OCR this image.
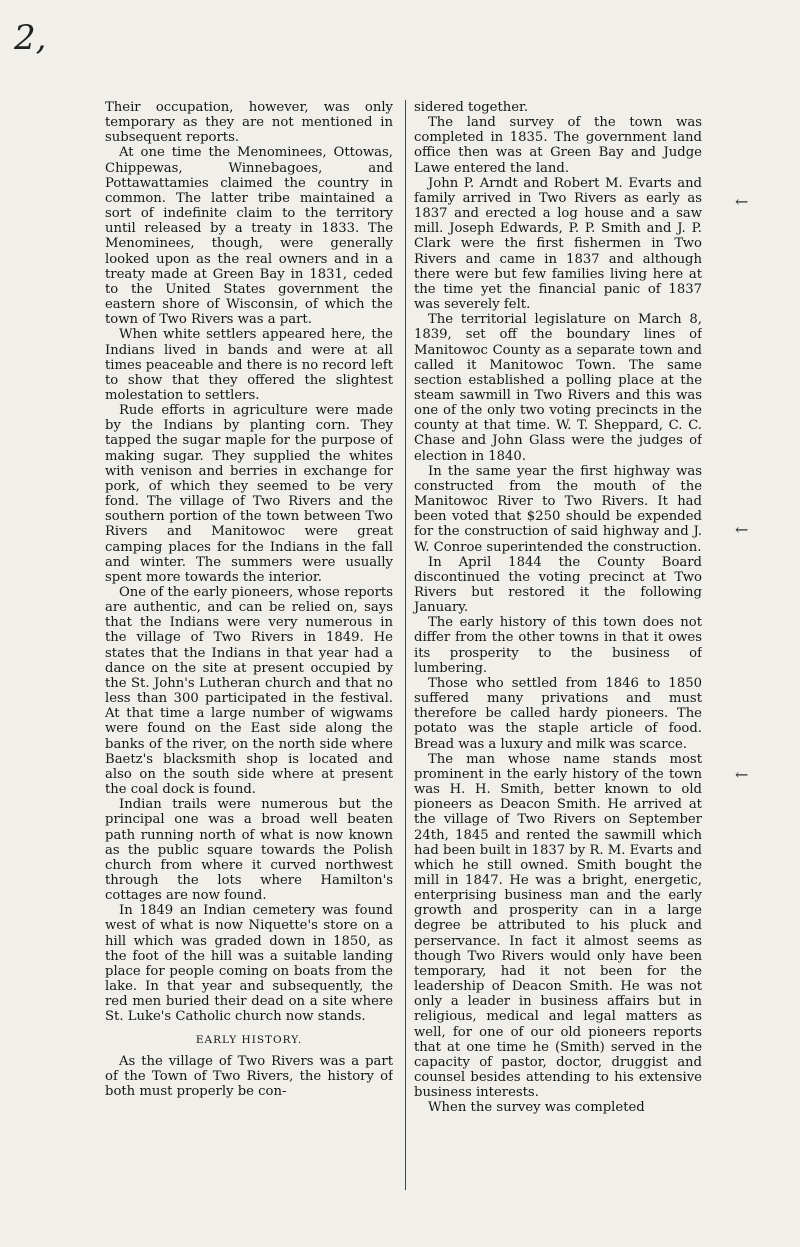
2,
←
←
←

Their occupation, however, was only temporary as they are not mentioned in subsequent reports.

At one time the Menominees, Ottowas, Chippewas, Winnebagoes, and Pottawattamies claimed the country in common. The latter tribe maintained a sort of indefinite claim to the territory until released by a treaty in 1833. The Menominees, though, were generally looked upon as the real owners and in a treaty made at Green Bay in 1831, ceded to the United States government the eastern shore of Wisconsin, of which the town of Two Rivers was a part.

When white settlers appeared here, the Indians lived in bands and were at all times peaceable and there is no record left to show that they offered the slightest molestation to settlers.

Rude efforts in agriculture were made by the Indians by planting corn. They tapped the sugar maple for the purpose of making sugar. They supplied the whites with venison and berries in exchange for pork, of which they seemed to be very fond. The village of Two Rivers and the southern portion of the town between Two Rivers and Manitowoc were great camping places for the Indians in the fall and winter. The summers were usually spent more towards the interior.

One of the early pioneers, whose reports are authentic, and can be relied on, says that the Indians were very numerous in the village of Two Rivers in 1849. He states that the Indians in that year had a dance on the site at present occupied by the St. John's Lutheran church and that no less than 300 participated in the festival. At that time a large number of wigwams were found on the East side along the banks of the river, on the north side where Baetz's blacksmith shop is located and also on the south side where at present the coal dock is found.

Indian trails were numerous but the principal one was a broad well beaten path running north of what is now known as the public square towards the Polish church from where it curved northwest through the lots where Hamilton's cottages are now found.

In 1849 an Indian cemetery was found west of what is now Niquette's store on a hill which was graded down in 1850, as the foot of the hill was a suitable landing place for people coming on boats from the lake. In that year and subsequently, the red men buried their dead on a site where St. Luke's Catholic church now stands.

EARLY HISTORY.

As the village of Two Rivers was a part of the Town of Two Rivers, the history of both must properly be con-

sidered together.

The land survey of the town was completed in 1835. The government land office then was at Green Bay and Judge Lawe entered the land.

John P. Arndt and Robert M. Evarts and family arrived in Two Rivers as early as 1837 and erected a log house and a saw mill. Joseph Edwards, P. P. Smith and J. P. Clark were the first fishermen in Two Rivers and came in 1837 and although there were but few families living here at the time yet the financial panic of 1837 was severely felt.

The territorial legislature on March 8, 1839, set off the boundary lines of Manitowoc County as a separate town and called it Manitowoc Town. The same section established a polling place at the steam sawmill in Two Rivers and this was one of the only two voting precincts in the county at that time. W. T. Sheppard, C. C. Chase and John Glass were the judges of election in 1840.

In the same year the first highway was constructed from the mouth of the Manitowoc River to Two Rivers. It had been voted that $250 should be expended for the construction of said highway and J. W. Conroe superintended the construction.

In April 1844 the County Board discontinued the voting precinct at Two Rivers but restored it the following January.

The early history of this town does not differ from the other towns in that it owes its prosperity to the business of lumbering.

Those who settled from 1846 to 1850 suffered many privations and must therefore be called hardy pioneers. The potato was the staple article of food. Bread was a luxury and milk was scarce.

The man whose name stands most prominent in the early history of the town was H. H. Smith, better known to old pioneers as Deacon Smith. He arrived at the village of Two Rivers on September 24th, 1845 and rented the sawmill which had been built in 1837 by R. M. Evarts and which he still owned. Smith bought the mill in 1847. He was a bright, energetic, enterprising business man and the early growth and prosperity can in a large degree be attributed to his pluck and perservance. In fact it almost seems as though Two Rivers would only have been temporary, had it not been for the leadership of Deacon Smith. He was not only a leader in business affairs but in religious, medical and legal matters as well, for one of our old pioneers reports that at one time he (Smith) served in the capacity of pastor, doctor, druggist and counsel besides attending to his extensive business interests.

When the survey was completed
